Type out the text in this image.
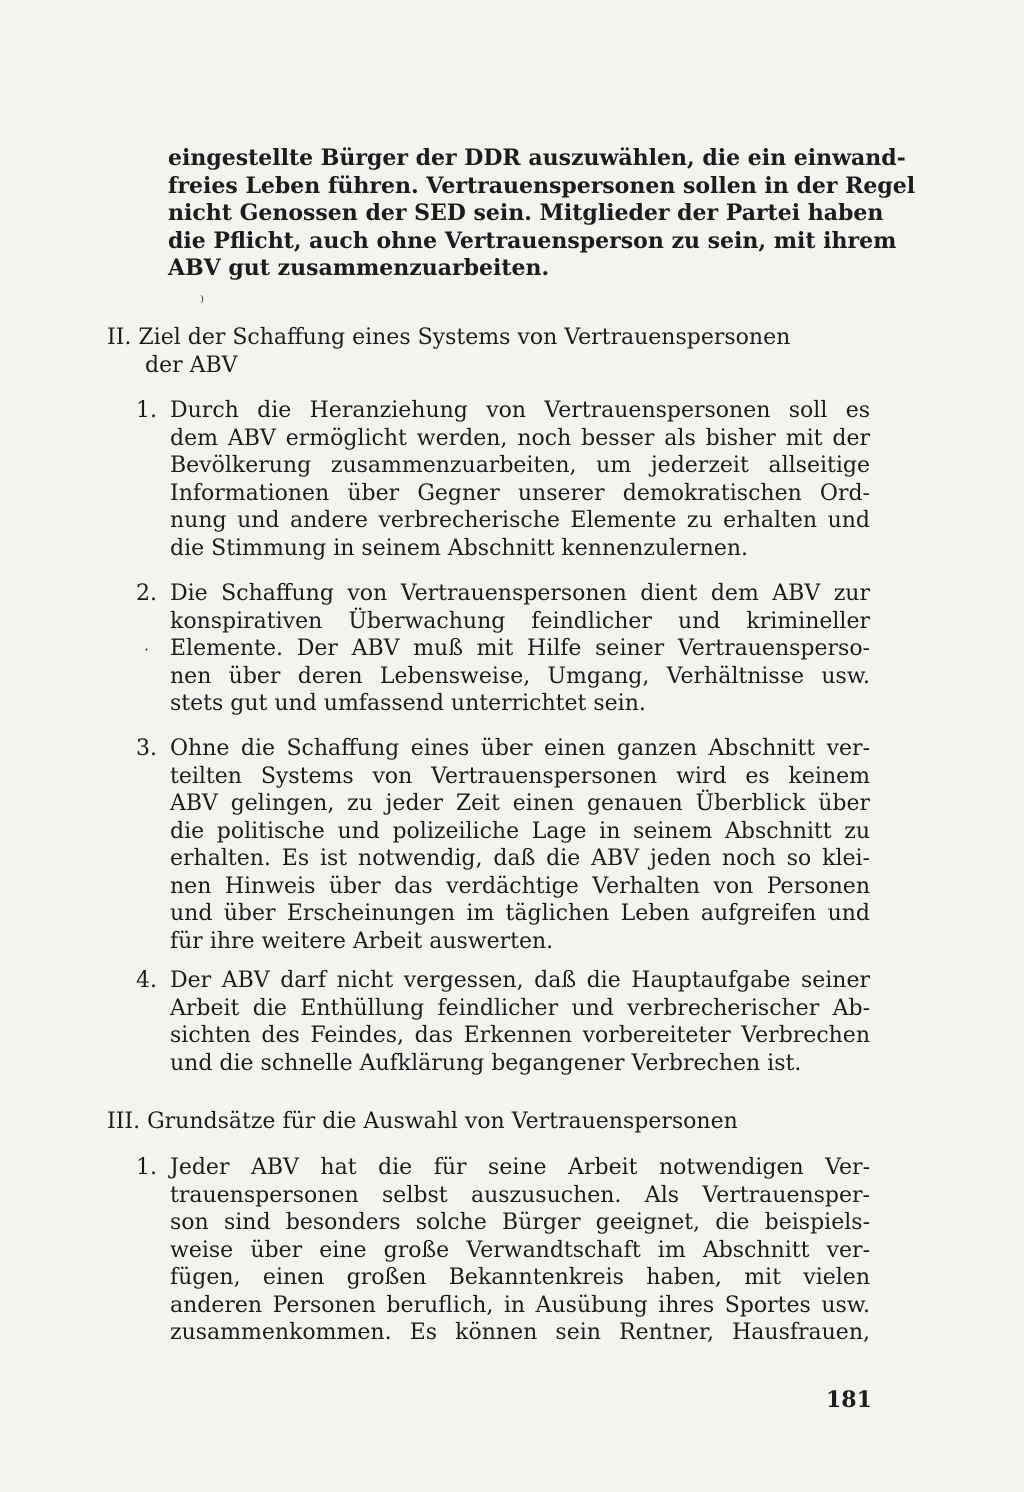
eingestellte Bürger der DDR auszuwählen, die ein einwand-
freies Leben führen. Vertrauenspersonen sollen in der Regel
nicht Genossen der SED sein. Mitglieder der Partei haben
die Pflicht, auch ohne Vertrauensperson zu sein, mit ihrem
ABV gut zusammenzuarbeiten.
⁾
·
II. Ziel der Schaffung eines Systems von Vertrauenspersonen
der ABV
1. Durch die Heranziehung von Vertrauenspersonen soll es
dem ABV ermöglicht werden, noch besser als bisher mit der
Bevölkerung zusammenzuarbeiten, um jederzeit allseitige
Informationen über Gegner unserer demokratischen Ord-
nung und andere verbrecherische Elemente zu erhalten und
die Stimmung in seinem Abschnitt kennenzulernen.
2. Die Schaffung von Vertrauenspersonen dient dem ABV zur
konspirativen Überwachung feindlicher und krimineller
Elemente. Der ABV muß mit Hilfe seiner Vertrauensperso-
nen über deren Lebensweise, Umgang, Verhältnisse usw.
stets gut und umfassend unterrichtet sein.
3. Ohne die Schaffung eines über einen ganzen Abschnitt ver-
teilten Systems von Vertrauenspersonen wird es keinem
ABV gelingen, zu jeder Zeit einen genauen Überblick über
die politische und polizeiliche Lage in seinem Abschnitt zu
erhalten. Es ist notwendig, daß die ABV jeden noch so klei-
nen Hinweis über das verdächtige Verhalten von Personen
und über Erscheinungen im täglichen Leben aufgreifen und
für ihre weitere Arbeit auswerten.
4. Der ABV darf nicht vergessen, daß die Hauptaufgabe seiner
Arbeit die Enthüllung feindlicher und verbrecherischer Ab-
sichten des Feindes, das Erkennen vorbereiteter Verbrechen
und die schnelle Aufklärung begangener Verbrechen ist.
III. Grundsätze für die Auswahl von Vertrauenspersonen
1. Jeder ABV hat die für seine Arbeit notwendigen Ver-
trauenspersonen selbst auszusuchen. Als Vertrauensper-
son sind besonders solche Bürger geeignet, die beispiels-
weise über eine große Verwandtschaft im Abschnitt ver-
fügen, einen großen Bekanntenkreis haben, mit vielen
anderen Personen beruflich, in Ausübung ihres Sportes usw.
zusammenkommen. Es können sein Rentner, Hausfrauen,
181
